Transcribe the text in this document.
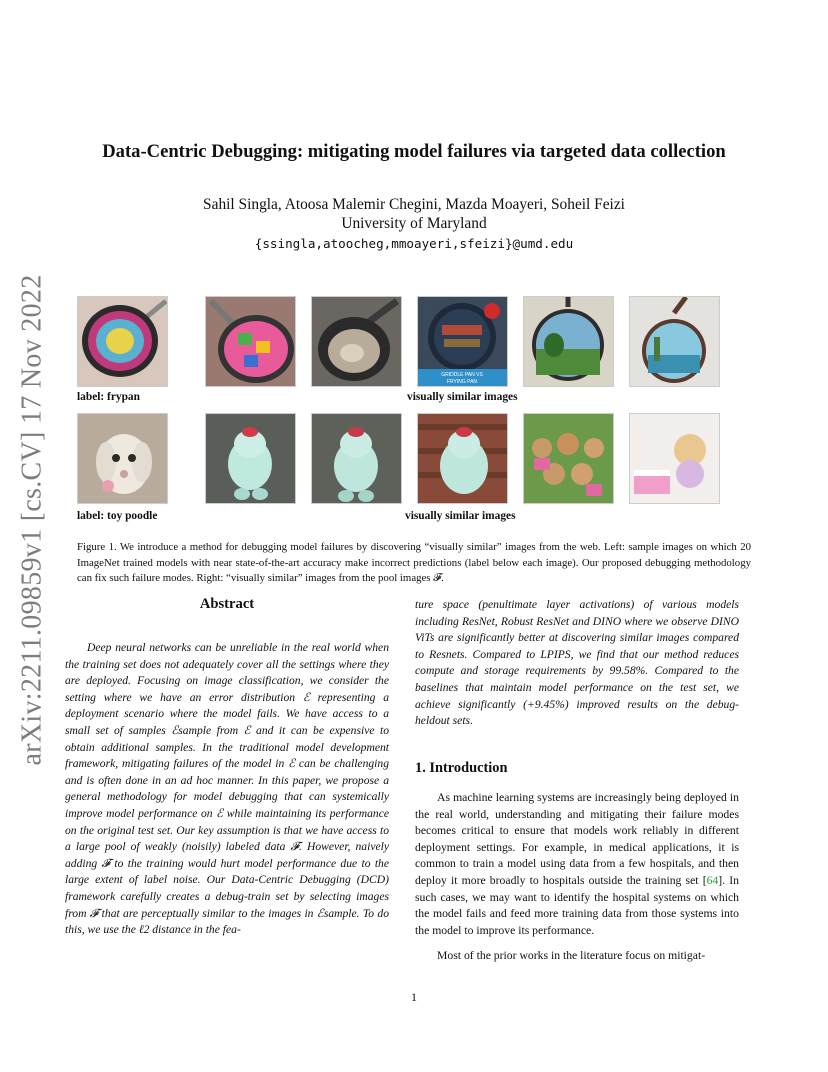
arXiv:2211.09859v1 [cs.CV] 17 Nov 2022
Data-Centric Debugging: mitigating model failures via targeted data collection
Sahil Singla, Atoosa Malemir Chegini, Mazda Moayeri, Soheil Feizi
University of Maryland
{ssingla,atoocheg,mmoayeri,sfeizi}@umd.edu
GRIDDLE PAN VS
FRYING PAN
label: frypan	visually similar images
label: toy poodle	visually similar images
Figure 1. We introduce a method for debugging model failures by discovering “visually similar” images from the web. Left: sample images on which 20 ImageNet trained models with near state-of-the-art accuracy make incorrect predictions (label below each image). Our proposed debugging methodology can fix such failure modes. Right: “visually similar” images from the pool images 𝓕.
Abstract
Deep neural networks can be unreliable in the real world when the training set does not adequately cover all the settings where they are deployed. Focusing on image classification, we consider the setting where we have an error distribution ℰ representing a deployment scenario where the model fails. We have access to a small set of samples ℰsample from ℰ and it can be expensive to obtain additional samples. In the traditional model development framework, mitigating failures of the model in ℰ can be challenging and is often done in an ad hoc manner. In this paper, we propose a general methodology for model debugging that can systemically improve model performance on ℰ while maintaining its performance on the original test set. Our key assumption is that we have access to a large pool of weakly (noisily) labeled data 𝓕. However, naively adding 𝓕 to the training would hurt model performance due to the large extent of label noise. Our Data-Centric Debugging (DCD) framework carefully creates a debug-train set by selecting images from 𝓕 that are perceptually similar to the images in ℰsample. To do this, we use the ℓ2 distance in the fea-
ture space (penultimate layer activations) of various models including ResNet, Robust ResNet and DINO where we observe DINO ViTs are significantly better at discovering similar images compared to Resnets. Compared to LPIPS, we find that our method reduces compute and storage requirements by 99.58%. Compared to the baselines that maintain model performance on the test set, we achieve significantly (+9.45%) improved results on the debug-heldout sets.
1. Introduction
As machine learning systems are increasingly being deployed in the real world, understanding and mitigating their failure modes becomes critical to ensure that models work reliably in different deployment settings. For example, in medical applications, it is common to train a model using data from a few hospitals, and then deploy it more broadly to hospitals outside the training set [64]. In such cases, we may want to identify the hospital systems on which the model fails and feed more training data from those systems into the model to improve its performance.
Most of the prior works in the literature focus on mitigat-
1
